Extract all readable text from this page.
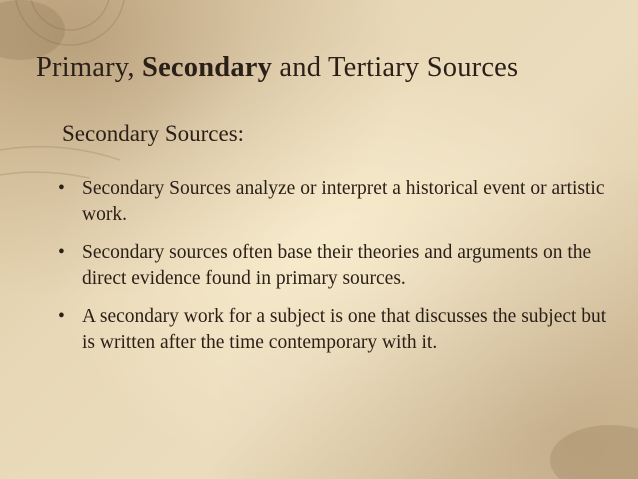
Primary, Secondary and Tertiary Sources
Secondary Sources:
• Secondary Sources analyze or interpret a historical event or artistic work.
• Secondary sources often base their theories and arguments on the direct evidence found in primary sources.
• A secondary work for a subject is one that discusses the subject but is written after the time contemporary with it.
